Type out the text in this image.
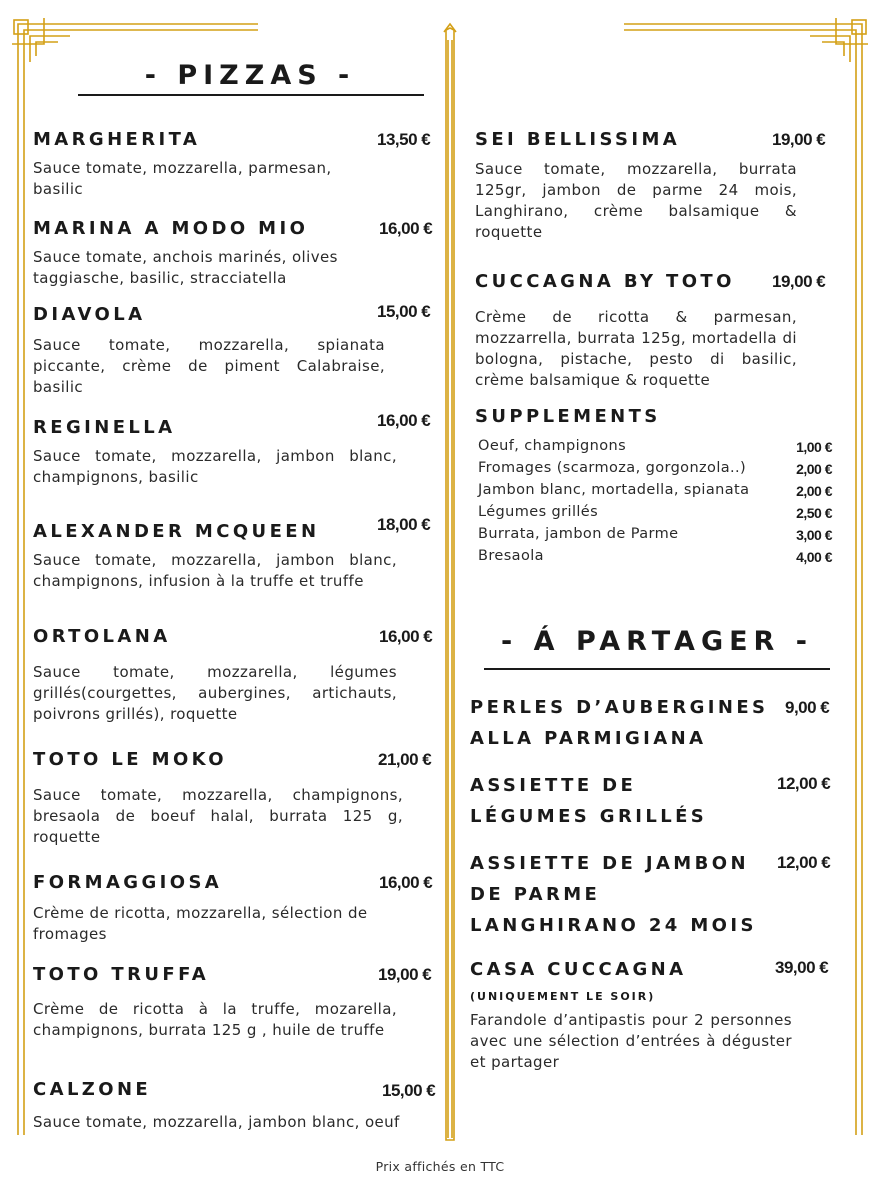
- PIZZAS -
MARGHERITA	13,50 €
Sauce tomate, mozzarella, parmesan, basilic
MARINA A MODO MIO	16,00 €
Sauce tomate, anchois marinés, olives taggiasche, basilic, stracciatella
DIAVOLA	15,00 €
Sauce tomate, mozzarella, spianata piccante, crème de piment Calabraise, basilic
REGINELLA	16,00 €
Sauce tomate, mozzarella, jambon blanc, champignons, basilic
ALEXANDER MCQUEEN	18,00 €
Sauce tomate, mozzarella, jambon blanc, champignons, infusion à la truffe et truffe
ORTOLANA	16,00 €
Sauce tomate, mozzarella, légumes grillés(courgettes, aubergines, artichauts, poivrons grillés), roquette
TOTO LE MOKO	21,00 €
Sauce tomate, mozzarella, champignons, bresaola de boeuf halal, burrata 125 g, roquette
FORMAGGIOSA	16,00 €
Crème de ricotta, mozzarella, sélection de fromages
TOTO TRUFFA	19,00 €
Crème de ricotta à la truffe, mozarella, champignons, burrata 125 g , huile de truffe
CALZONE	15,00 €
Sauce tomate, mozzarella, jambon blanc, oeuf
SEI BELLISSIMA	19,00 €
Sauce tomate, mozzarella, burrata 125gr, jambon de parme 24 mois, Langhirano, crème balsamique & roquette
CUCCAGNA BY TOTO 19,00 €
Crème de ricotta & parmesan, mozzarrella, burrata 125g, mortadella di bologna, pistache, pesto di basilic, crème balsamique & roquette
SUPPLEMENTS
Oeuf, champignons	1,00 €
Fromages (scarmoza, gorgonzola..)	2,00 €
Jambon blanc, mortadella, spianata	2,00 €
Légumes grillés	2,50 €
Burrata, jambon de Parme	3,00 €
Bresaola	4,00 €
- Á PARTAGER -
PERLES D’AUBERGINES ALLA PARMIGIANA
9,00 €
ASSIETTE DE LÉGUMES GRILLÉS
12,00 €
ASSIETTE DE JAMBON DE PARME LANGHIRANO 24 MOIS
12,00 €
CASA CUCCAGNA	39,00 €
(UNIQUEMENT LE SOIR)
Farandole d’antipastis pour 2 personnes avec une sélection d’entrées à déguster et partager
Prix affichés en TTC
